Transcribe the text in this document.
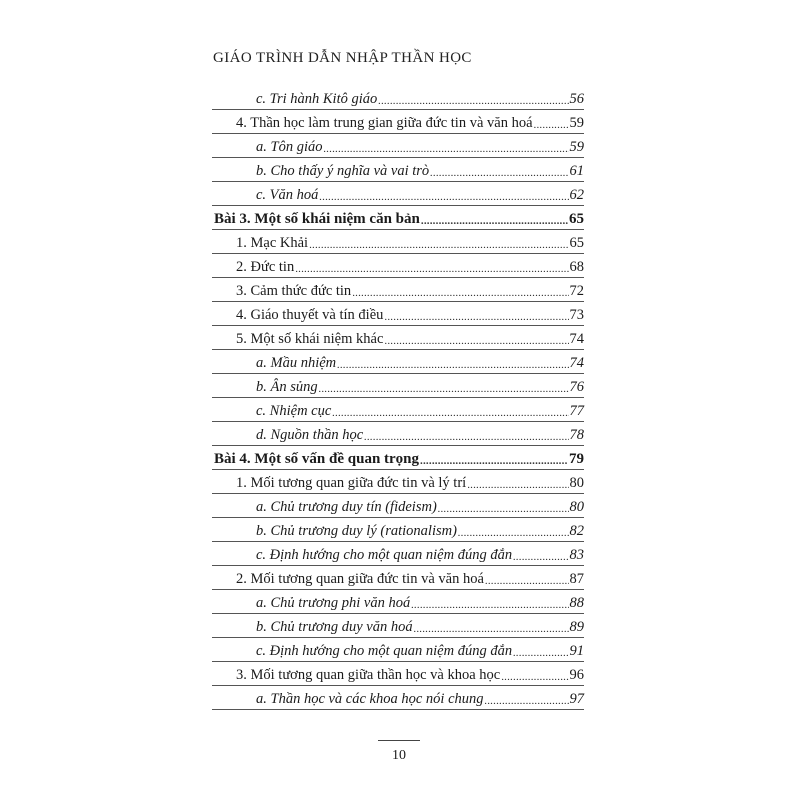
GIÁO TRÌNH DẪN NHẬP THẦN HỌC
c. Tri hành Kitô giáo .....	56
4. Thần học làm trung gian giữa đức tin và văn hoá .....	59
a. Tôn giáo .....	59
b. Cho thấy ý nghĩa và vai trò .....	61
c. Văn hoá .....	62
Bài 3. Một số khái niệm căn bản .....	65
1. Mạc Khải .....	65
2. Đức tin .....	68
3. Cảm thức đức tin .....	72
4. Giáo thuyết và tín điều .....	73
5. Một số khái niệm khác .....	74
a. Mầu nhiệm .....	74
b. Ân sủng .....	76
c. Nhiệm cục .....	77
d. Nguồn thần học .....	78
Bài 4. Một số vấn đề quan trọng .....	79
1. Mối tương quan giữa đức tin và lý trí .....	80
a. Chủ trương duy tín (fideism) .....	80
b. Chủ trương duy lý (rationalism) .....	82
c. Định hướng cho một quan niệm đúng đắn .....	83
2. Mối tương quan giữa đức tin và văn hoá .....	87
a. Chủ trương phi văn hoá .....	88
b. Chủ trương duy văn hoá .....	89
c. Định hướng cho một quan niệm đúng đắn .....	91
3. Mối tương quan giữa thần học và khoa học .....	96
a. Thần học và các khoa học nói chung .....	97
10
